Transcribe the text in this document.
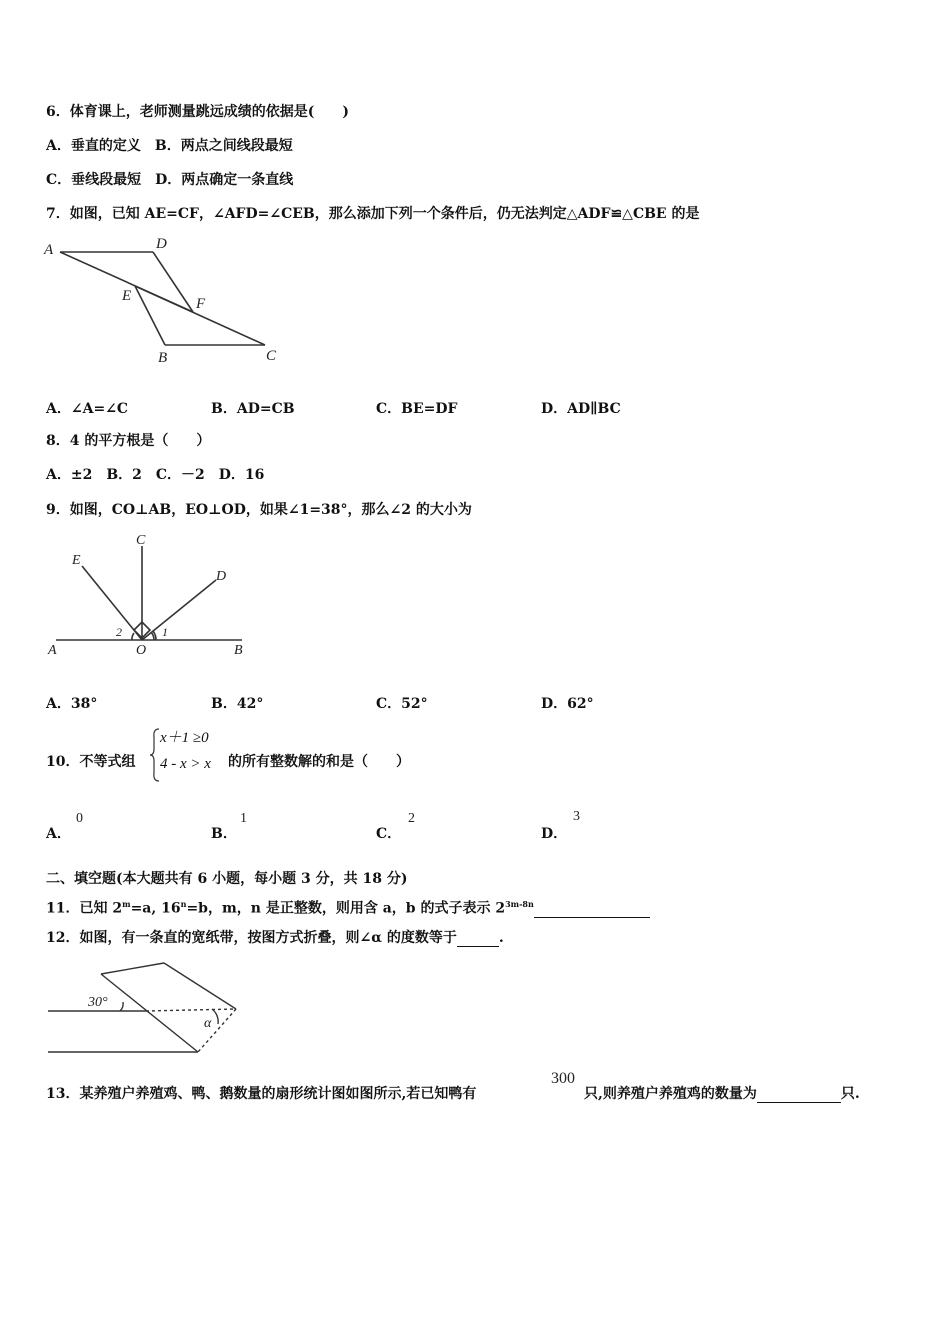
6．体育课上，老师测量跳远成绩的依据是(　　)
A．垂直的定义　B．两点之间线段最短
C．垂线段最短　D．两点确定一条直线
7．如图，已知 AE=CF，∠AFD=∠CEB，那么添加下列一个条件后，仍无法判定△ADF≌△CBE 的是
A	D
E	F
B	C
A．∠A=∠C	B．AD=CB	C．BE=DF	D．AD∥BC
8．4 的平方根是（　　）
A．±2　B．2　C．－2　D．16
9．如图，CO⊥AB，EO⊥OD，如果∠1=38°，那么∠2 的大小为
E
C
D
A	O	B
1
2
A．38°	B．42°	C．52°	D．62°
10．不等式组
x＋1 ≥0
4 - x > x 的所有整数解的和是（　　）
A．
0
B．
1
C．
2
D．
3
二、填空题(本大题共有 6 小题，每小题 3 分，共 18 分)
11．已知 $2^m=a$, $16^n=b$，m，n 是正整数，则用含 a，b 的式子表示 $2^{3m-8n}$
12．如图，有一条直的宽纸带，按图方式折叠，则∠α 的度数等于	.
30°
α
13．某养殖户养殖鸡、鸭、鹅数量的扇形统计图如图所示,若已知鸭有
300
只,则养殖户养殖鸡的数量为	只.
